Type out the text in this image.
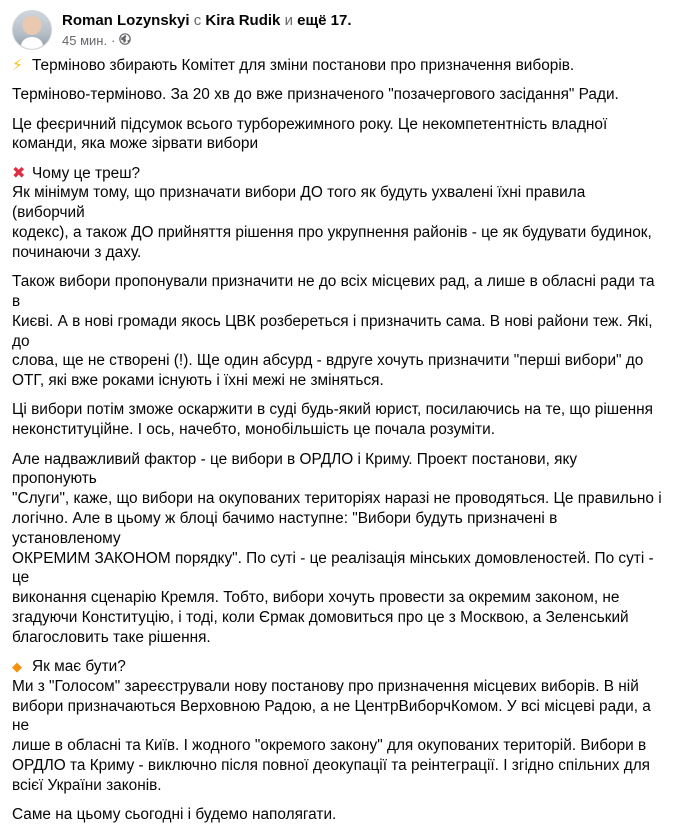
Roman Lozynskyi с Kira Rudik и ещё 17.
45 мин. ·

⚡ Терміново збирають Комітет для зміни постанови про призначення виборів.

Терміново-терміново. За 20 хв до вже призначеного "позачергового засідання" Ради.

Це феєричний підсумок всього турборежимного року. Це некомпетентність владної
команди, яка може зірвати вибори

✖ Чому це треш?
Як мінімум тому, що призначати вибори ДО того як будуть ухвалені їхні правила (виборчий
кодекс), а також ДО прийняття рішення про укрупнення районів - це як будувати будинок,
починаючи з даху.

Також вибори пропонували призначити не до всіх місцевих рад, а лише в обласні ради та в
Києві. А в нові громади якось ЦВК розбереться і призначить сама. В нові райони теж. Які, до
слова, ще не створені (!). Ще один абсурд - вдруге хочуть призначити "перші вибори" до
ОТГ, які вже роками існують і їхні межі не зміняться.

Ці вибори потім зможе оскаржити в суді будь-який юрист, посилаючись на те, що рішення
неконституційне. І ось, начебто, монобільшість це почала розуміти.

Але надважливий фактор - це вибори в ОРДЛО і Криму. Проект постанови, яку пропонують
"Слуги", каже, що вибори на окупованих територіях наразі не проводяться. Це правильно і
логічно. Але в цьому ж блоці бачимо наступне: "Вибори будуть призначені в установленому
ОКРЕМИМ ЗАКОНОМ порядку". По суті - це реалізація мінських домовленостей. По суті - це
виконання сценарію Кремля. Тобто, вибори хочуть провести за окремим законом, не
згадуючи Конституцію, і тоді, коли Єрмак домовиться про це з Москвою, а Зеленський
благословить таке рішення.

◆ Як має бути?
Ми з "Голосом" зареєстрували нову постанову про призначення місцевих виборів. В ній
вибори призначаються Верховною Радою, а не ЦентрВиборчКомом. У всі місцеві ради, а не
лише в обласні та Київ. І жодного "окремого закону" для окупованих територій. Вибори в
ОРДЛО та Криму - виключно після повної деокупації та реінтеграції. І згідно спільних для
всієї України законів.

Саме на цьому сьогодні і будемо наполягати.
